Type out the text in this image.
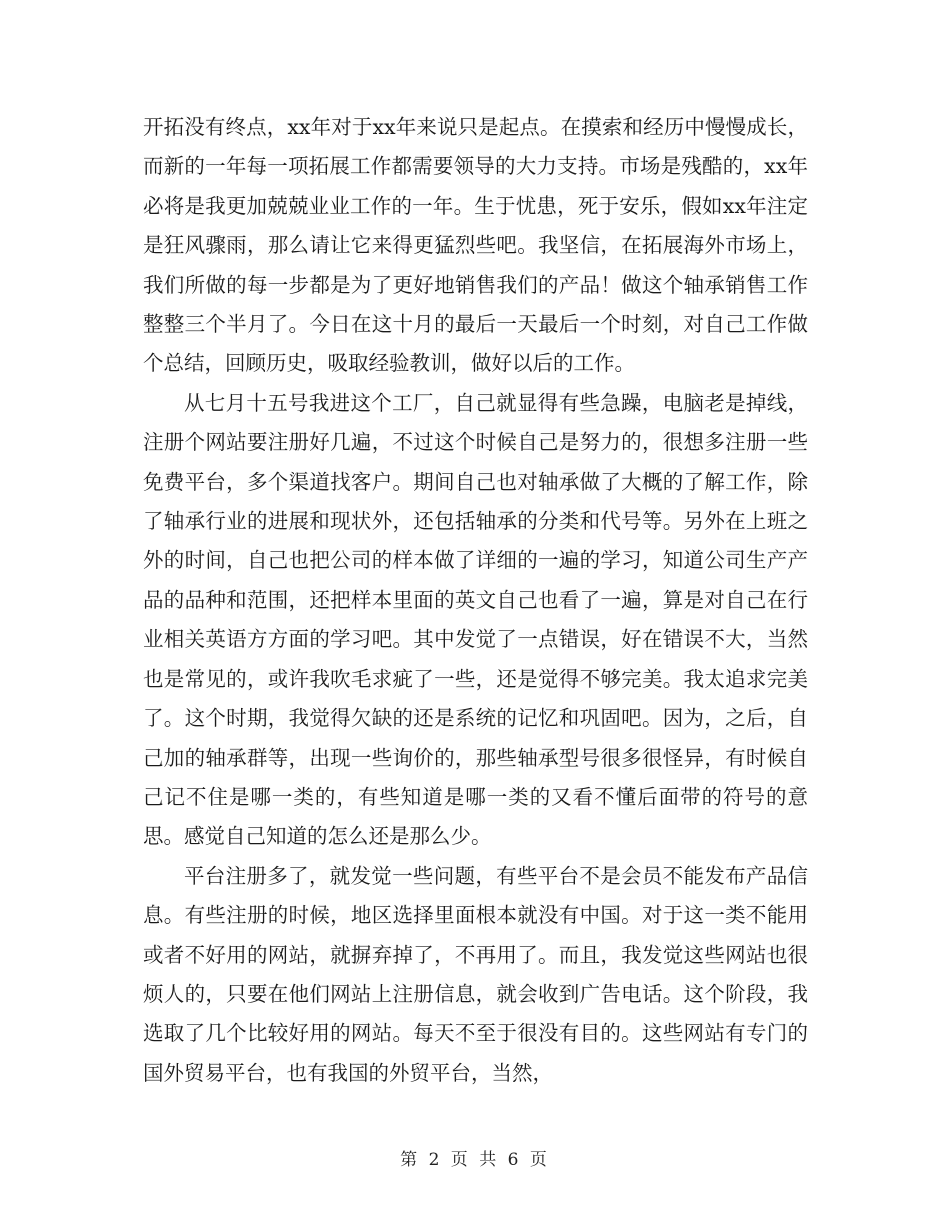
开拓没有终点，xx年对于xx年来说只是起点。在摸索和经历中慢慢成长，而新的一年每一项拓展工作都需要领导的大力支持。市场是残酷的，xx年必将是我更加兢兢业业工作的一年。生于忧患，死于安乐，假如xx年注定是狂风骤雨，那么请让它来得更猛烈些吧。我坚信，在拓展海外市场上，我们所做的每一步都是为了更好地销售我们的产品！做这个轴承销售工作整整三个半月了。今日在这十月的最后一天最后一个时刻，对自己工作做个总结，回顾历史，吸取经验教训，做好以后的工作。

从七月十五号我进这个工厂，自己就显得有些急躁，电脑老是掉线，注册个网站要注册好几遍，不过这个时候自己是努力的，很想多注册一些免费平台，多个渠道找客户。期间自己也对轴承做了大概的了解工作，除了轴承行业的进展和现状外，还包括轴承的分类和代号等。另外在上班之外的时间，自己也把公司的样本做了详细的一遍的学习，知道公司生产产品的品种和范围，还把样本里面的英文自己也看了一遍，算是对自己在行业相关英语方方面的学习吧。其中发觉了一点错误，好在错误不大，当然也是常见的，或许我吹毛求疵了一些，还是觉得不够完美。我太追求完美了。这个时期，我觉得欠缺的还是系统的记忆和巩固吧。因为，之后，自己加的轴承群等，出现一些询价的，那些轴承型号很多很怪异，有时候自己记不住是哪一类的，有些知道是哪一类的又看不懂后面带的符号的意思。感觉自己知道的怎么还是那么少。

平台注册多了，就发觉一些问题，有些平台不是会员不能发布产品信息。有些注册的时候，地区选择里面根本就没有中国。对于这一类不能用或者不好用的网站，就摒弃掉了，不再用了。而且，我发觉这些网站也很烦人的，只要在他们网站上注册信息，就会收到广告电话。这个阶段，我选取了几个比较好用的网站。每天不至于很没有目的。这些网站有专门的国外贸易平台，也有我国的外贸平台，当然，

第 2 页 共 6 页
